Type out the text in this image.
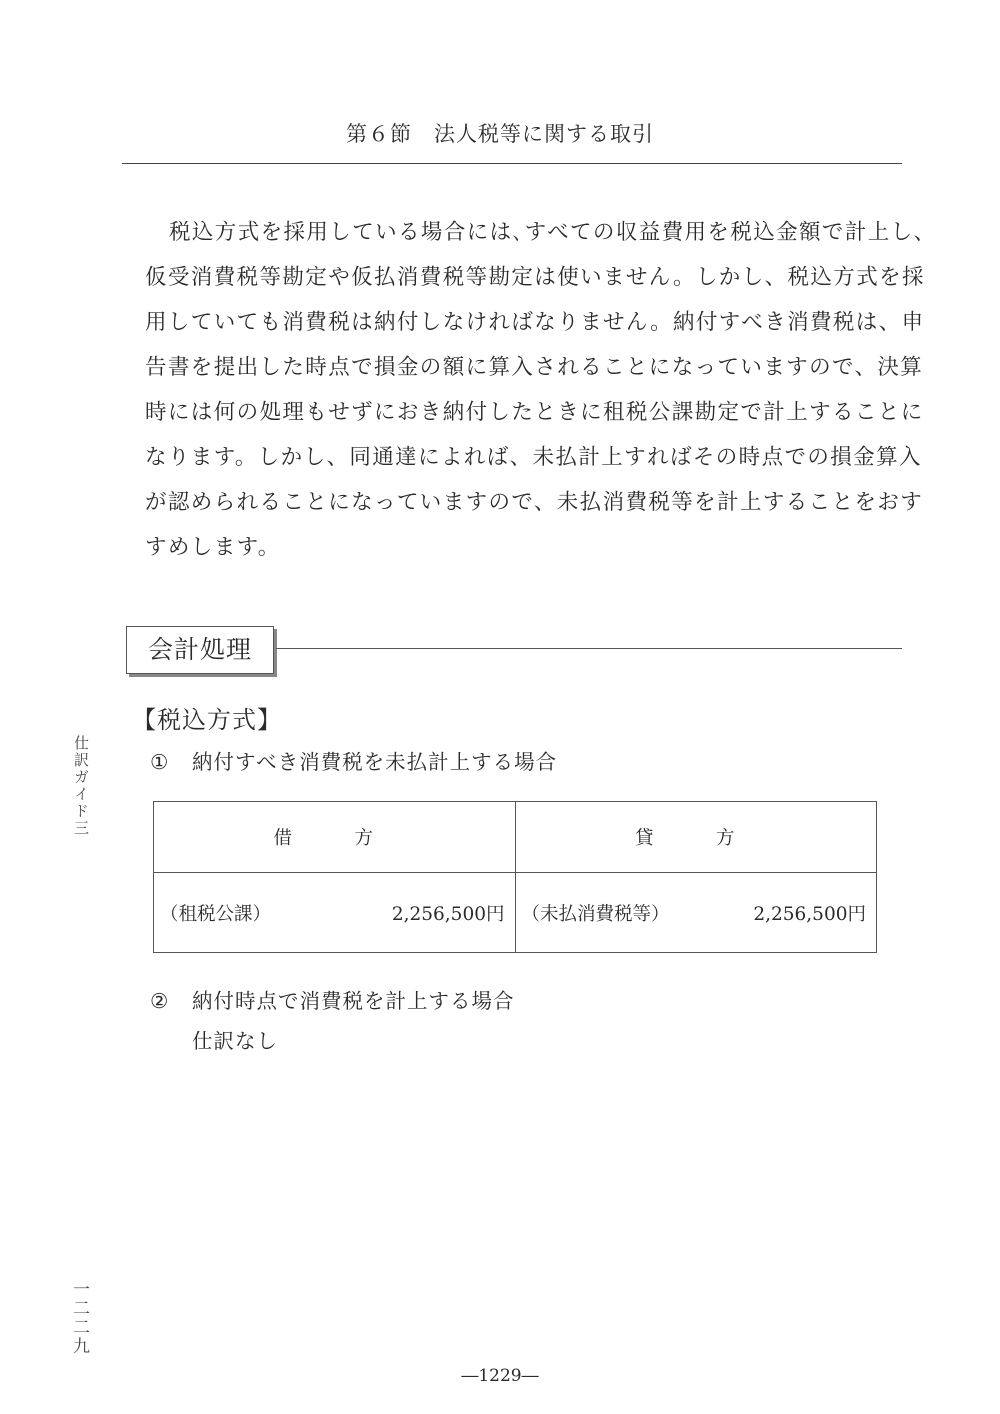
第６節 法人税等に関する取引
税込方式を採用している場合には､すべての収益費用を税込金額で計上し、
仮受消費税等勘定や仮払消費税等勘定は使いません。しかし、税込方式を採
用していても消費税は納付しなければなりません。納付すべき消費税は、申
告書を提出した時点で損金の額に算入されることになっていますので、決算
時には何の処理もせずにおき納付したときに租税公課勘定で計上することに
なります。しかし、同通達によれば、未払計上すればその時点での損金算入
が認められることになっていますので、未払消費税等を計上することをおす
すめします。
会計処理
【税込方式】
① 納付すべき消費税を未払計上する場合
仕訳ガイド三
借　方	貸　方

（租税公課） 2,256,500円	（未払消費税等） 2,256,500円
② 納付時点で消費税を計上する場合
仕訳なし
一二二九
―1229―
